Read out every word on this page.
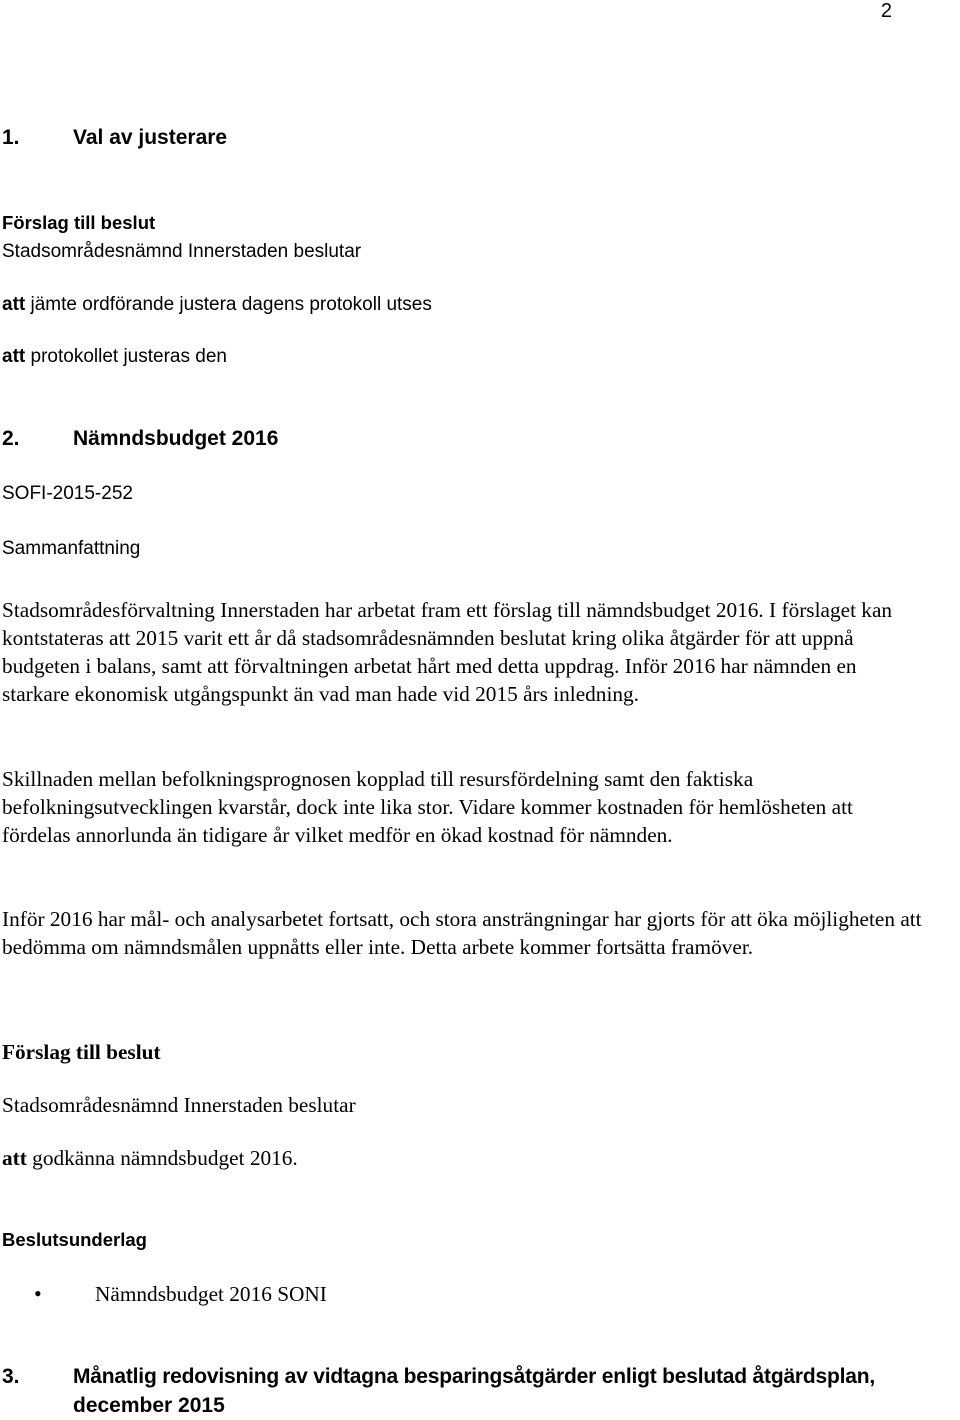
2
1.	Val av justerare
Förslag till beslut
Stadsområdesnämnd Innerstaden beslutar
att jämte ordförande justera dagens protokoll utses
att protokollet justeras den
2.	Nämndsbudget 2016
SOFI-2015-252
Sammanfattning

Stadsområdesförvaltning Innerstaden har arbetat fram ett förslag till nämndsbudget 2016. I förslaget kan kontstateras att 2015 varit ett år då stadsområdesnämnden beslutat kring olika åtgärder för att uppnå budgeten i balans, samt att förvaltningen arbetat hårt med detta uppdrag. Inför 2016 har nämnden en starkare ekonomisk utgångspunkt än vad man hade vid 2015 års inledning.

Skillnaden mellan befolkningsprognosen kopplad till resursfördelning samt den faktiska befolkningsutvecklingen kvarstår, dock inte lika stor. Vidare kommer kostnaden för hemlösheten att fördelas annorlunda än tidigare år vilket medför en ökad kostnad för nämnden.

Inför 2016 har mål- och analysarbetet fortsatt, och stora ansträngningar har gjorts för att öka möjligheten att bedömma om nämndsmålen uppnåtts eller inte. Detta arbete kommer fortsätta framöver.

Förslag till beslut
Stadsområdesnämnd Innerstaden beslutar
att godkänna nämndsbudget 2016.
Beslutsunderlag
•	Nämndsbudget 2016 SONI
3.	Månatlig redovisning av vidtagna besparingsåtgärder enligt beslutad åtgärdsplan,
december 2015
